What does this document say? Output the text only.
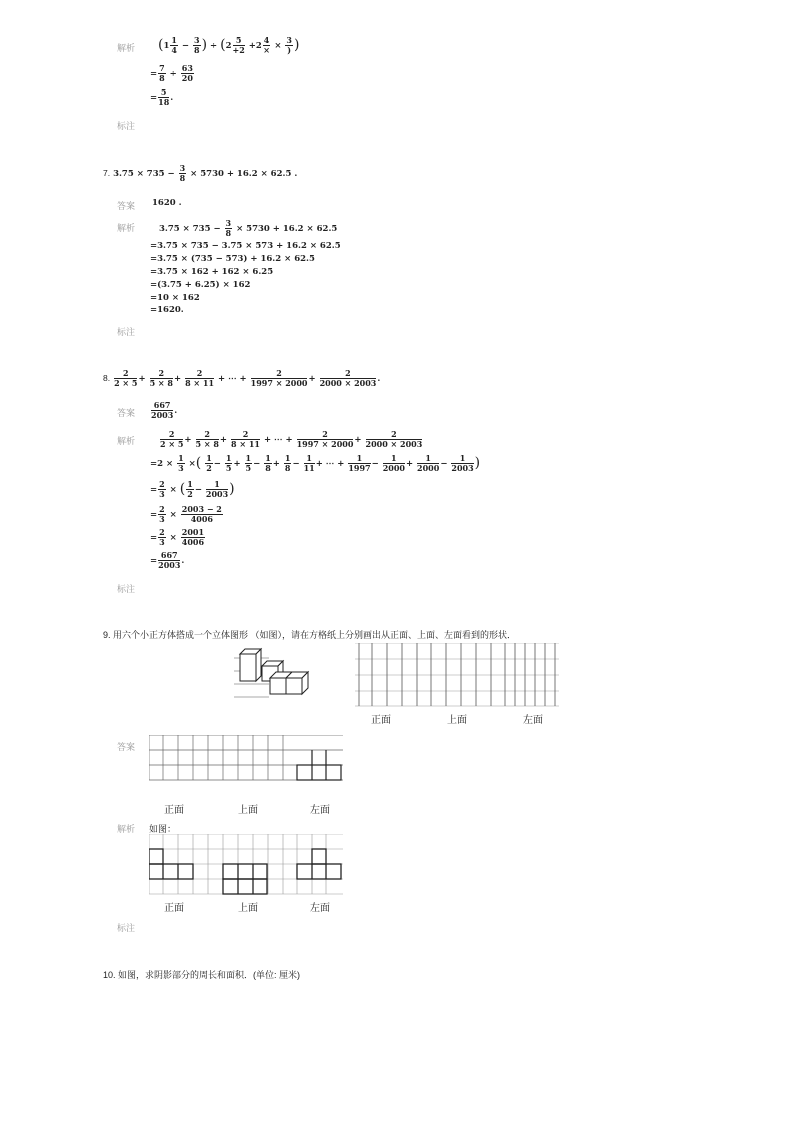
解析 ($1 \frac{1}{4} - \frac{3}{8}$ ) ÷ ($2 \frac{5}{+2} +2 \frac{4}{\times} \times \frac{3}{)}$ )
= $\frac{7}{8} \div \frac{63}{20}$
= $\frac{5}{18}$ .
标注
7. $3.75 \times 735 - \frac{3}{8} \times 5730 + 16.2 \times 62.5$ .
答案 1620 .
解析	$3.75 \times 735 - \frac{3}{8} \times 5730 + 16.2 \times 62.5$
=3.75 × 735 − 3.75 × 573 + 16.2 × 62.5
=3.75 × (735 − 573) + 16.2 × 62.5
=3.75 × 162 + 162 × 6.25
=(3.75 + 6.25) × 162
=10 × 162
=1620.
标注
8. $\frac{2}{2 \times 5} + \frac{2}{5 \times 8} + \frac{2}{8 \times 11}$ + ⋯ + $\frac{2}{1997 \times 2000} + \frac{2}{2000 \times 2003}$ .
答案 $\frac{667}{2003}$ .
解析	$\frac{2}{2 \times 5} + \frac{2}{5 \times 8} + \frac{2}{8 \times 11}$ + ⋯ + $\frac{2}{1997 \times 2000} + \frac{2}{2000 \times 2003}$
$=2 \times \frac{1}{3}$ ×( $\frac{1}{2} - \frac{1}{5} + \frac{1}{5} - \frac{1}{8} + \frac{1}{8} - \frac{1}{11}$ + ⋯ + $\frac{1}{1997} - \frac{1}{2000} + \frac{1}{2000} - \frac{1}{2003}$ )
= $\frac{2}{3}$ × ( $\frac{1}{2} - \frac{1}{2003}$ )
= $\frac{2}{3} \times \frac{2003 - 2}{4006}$
= $\frac{2}{3} \times \frac{2001}{4006}$
= $\frac{667}{2003}$ .
标注
9. 用六个小正方体搭成一个立体图形 （如图），请在方格纸上分别画出从正面、上面、左面看到的形状．
正面	上面	左面
答案
正面	上面	左面
解析 如图：
正面	上面	左面
标注
10. 如图，求阴影部分的周长和面积．(单位: 厘米)
